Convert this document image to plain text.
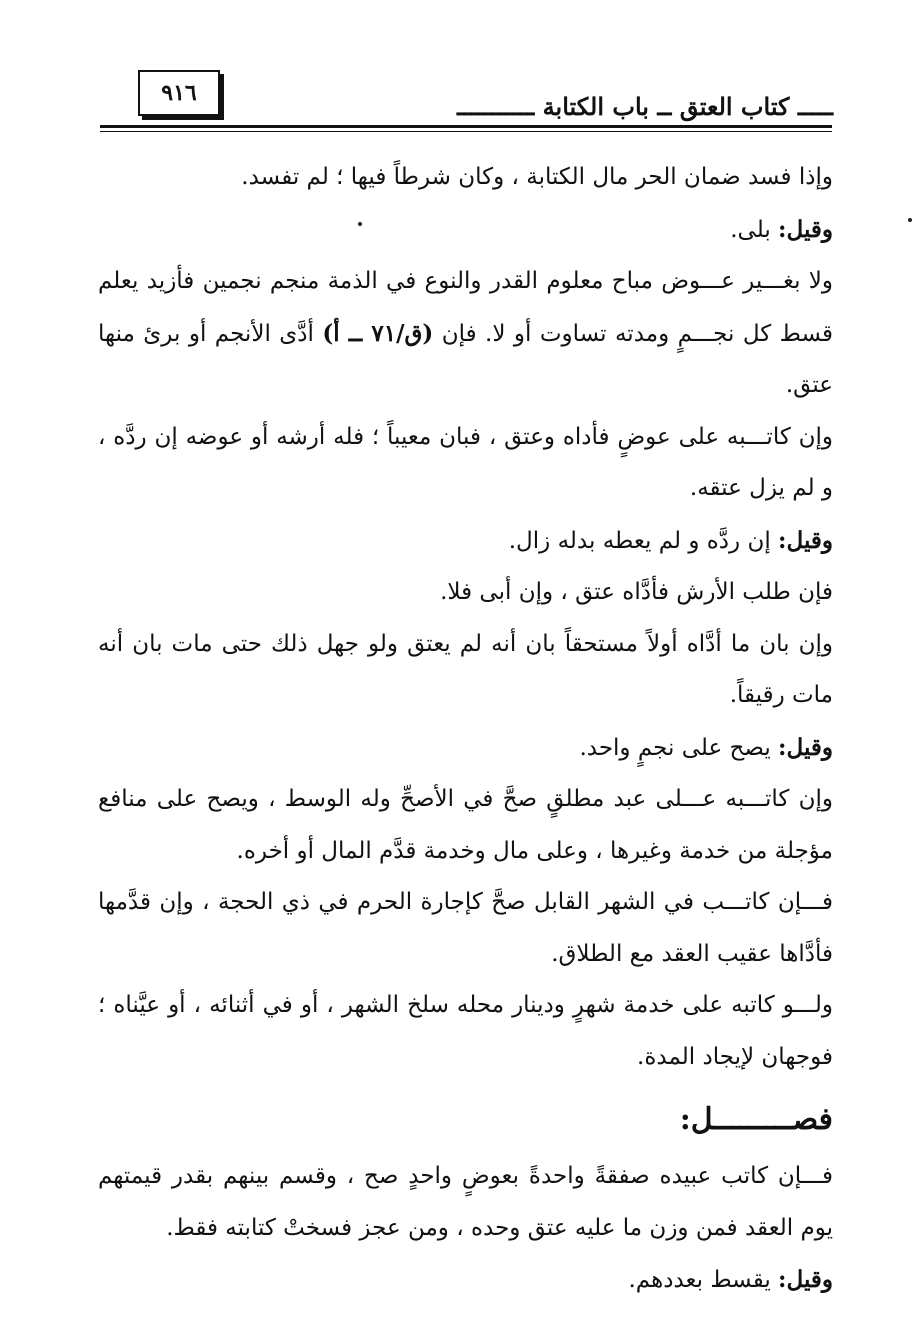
٩١٦	ـــــ كتاب العتق ــ باب الكتابة ـــــــــــ

وإذا فسد ضمان الحر مال الكتابة ، وكان شرطاً فيها ؛ لم تفسد.

وقيل: بلى.

ولا بغـــير عـــوض مباح معلوم القدر والنوع في الذمة منجم نجمين فأزيد يعلم قسط كل نجـــمٍ ومدته تساوت أو لا. فإن (ق/٧١ ــ أ) أدَّى الأنجم أو برئ منها عتق.

وإن كاتـــبه على عوضٍ فأداه وعتق ، فبان معيباً ؛ فله أرشه أو عوضه إن ردَّه ، و لم يزل عتقه.

وقيل: إن ردَّه و لم يعطه بدله زال.

فإن طلب الأرش فأدَّاه عتق ، وإن أبى فلا.

وإن بان ما أدَّاه أولاً مستحقاً بان أنه لم يعتق ولو جهل ذلك حتى مات بان أنه مات رقيقاً.

وقيل: يصح على نجمٍ واحد.

وإن كاتـــبه عـــلى عبد مطلقٍ صحَّ في الأصحِّ وله الوسط ، ويصح على منافع مؤجلة من خدمة وغيرها ، وعلى مال وخدمة قدَّم المال أو أخره.

فـــإن كاتـــب في الشهر القابل صحَّ كإجارة الحرم في ذي الحجة ، وإن قدَّمها فأدَّاها عقيب العقد مع الطلاق.

ولـــو كاتبه على خدمة شهرٍ ودينار محله سلخ الشهر ، أو في أثنائه ، أو عيَّناه ؛ فوجهان لإيجاد المدة.

فصـــــــــل:

فـــإن كاتب عبيده صفقةً واحدةً بعوضٍ واحدٍ صح ، وقسم بينهم بقدر قيمتهم يوم العقد فمن وزن ما عليه عتق وحده ، ومن عجز فسختْ كتابته فقط.

وقيل: يقسط بعددهم.
